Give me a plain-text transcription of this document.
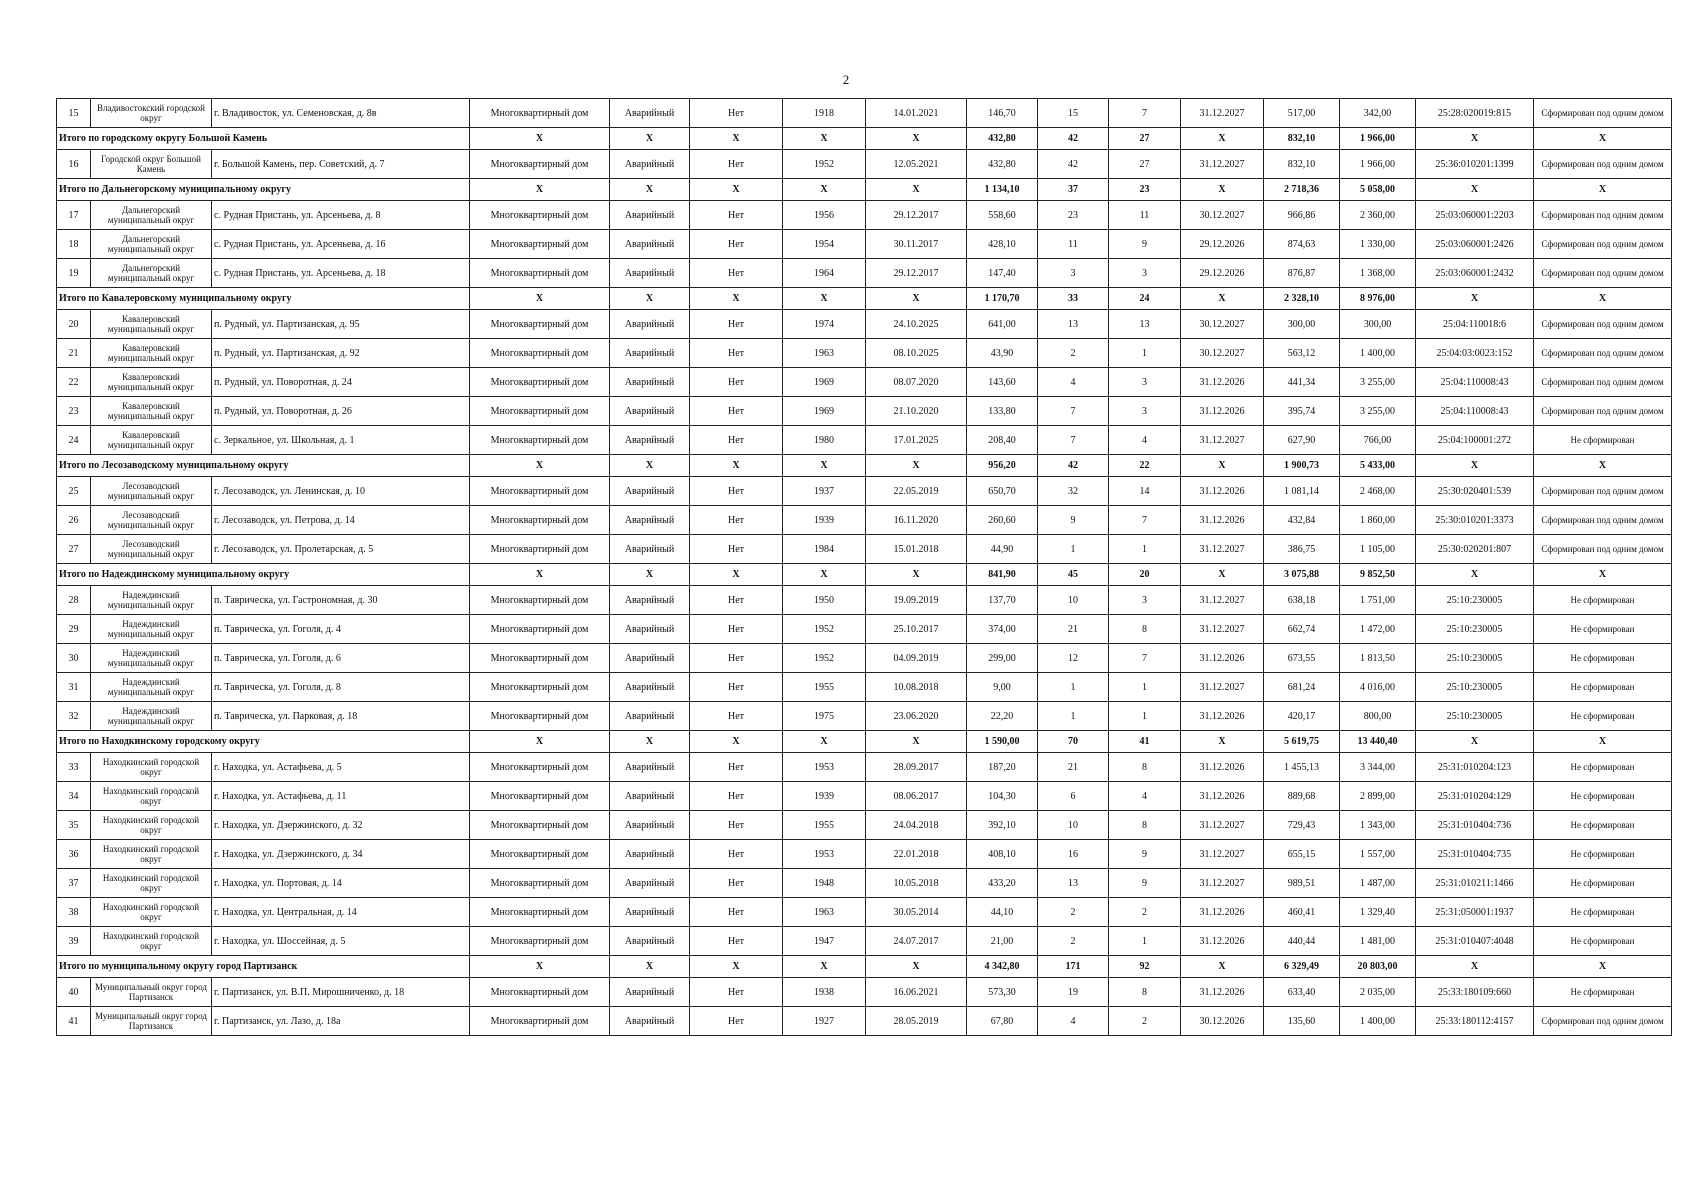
2
15	Владивостокский городской округ	г. Владивосток, ул. Семеновская, д. 8в	Многоквартирный дом	Аварийный	Нет	1918	14.01.2021	146,70	15	7	31.12.2027	517,00	342,00	25:28:020019:815	Сформирован под одним домом
Итого по городскому округу Большой Камень			X	X	X	X	X	432,80	42	27	X	832,10	1 966,00	X	X
16	Городской округ Большой Камень	г. Большой Камень, пер. Советский, д. 7	Многоквартирный дом	Аварийный	Нет	1952	12.05.2021	432,80	42	27	31.12.2027	832,10	1 966,00	25:36:010201:1399	Сформирован под одним домом
Итого по Дальнегорскому муниципальному округу			X	X	X	X	X	1 134,10	37	23	X	2 718,36	5 058,00	X	X
17	Дальнегорский муниципальный округ	с. Рудная Пристань, ул. Арсеньева, д. 8	Многоквартирный дом	Аварийный	Нет	1956	29.12.2017	558,60	23	11	30.12.2027	966,86	2 360,00	25:03:060001:2203	Сформирован под одним домом
18	Дальнегорский муниципальный округ	с. Рудная Пристань, ул. Арсеньева, д. 16	Многоквартирный дом	Аварийный	Нет	1954	30.11.2017	428,10	11	9	29.12.2026	874,63	1 330,00	25:03:060001:2426	Сформирован под одним домом
19	Дальнегорский муниципальный округ	с. Рудная Пристань, ул. Арсеньева, д. 18	Многоквартирный дом	Аварийный	Нет	1964	29.12.2017	147,40	3	3	29.12.2026	876,87	1 368,00	25:03:060001:2432	Сформирован под одним домом
Итого по Кавалеровскому муниципальному округу			X	X	X	X	X	1 170,70	33	24	X	2 328,10	8 976,00	X	X
20	Кавалеровский муниципальный округ	п. Рудный, ул. Партизанская, д. 95	Многоквартирный дом	Аварийный	Нет	1974	24.10.2025	641,00	13	13	30.12.2027	300,00	300,00	25:04:110018:6	Сформирован под одним домом
21	Кавалеровский муниципальный округ	п. Рудный, ул. Партизанская, д. 92	Многоквартирный дом	Аварийный	Нет	1963	08.10.2025	43,90	2	1	30.12.2027	563,12	1 400,00	25:04:03:0023:152	Сформирован под одним домом
22	Кавалеровский муниципальный округ	п. Рудный, ул. Поворотная, д. 24	Многоквартирный дом	Аварийный	Нет	1969	08.07.2020	143,60	4	3	31.12.2026	441,34	3 255,00	25:04:110008:43	Сформирован под одним домом
23	Кавалеровский муниципальный округ	п. Рудный, ул. Поворотная, д. 26	Многоквартирный дом	Аварийный	Нет	1969	21.10.2020	133,80	7	3	31.12.2026	395,74	3 255,00	25:04:110008:43	Сформирован под одним домом
24	Кавалеровский муниципальный округ	с. Зеркальное, ул. Школьная, д. 1	Многоквартирный дом	Аварийный	Нет	1980	17.01.2025	208,40	7	4	31.12.2027	627,90	766,00	25:04:100001:272	Не сформирован
Итого по Лесозаводскому муниципальному округу			X	X	X	X	X	956,20	42	22	X	1 900,73	5 433,00	X	X
25	Лесозаводский муниципальный округ	г. Лесозаводск, ул. Ленинская, д. 10	Многоквартирный дом	Аварийный	Нет	1937	22.05.2019	650,70	32	14	31.12.2026	1 081,14	2 468,00	25:30:020401:539	Сформирован под одним домом
26	Лесозаводский муниципальный округ	г. Лесозаводск, ул. Петрова, д. 14	Многоквартирный дом	Аварийный	Нет	1939	16.11.2020	260,60	9	7	31.12.2026	432,84	1 860,00	25:30:010201:3373	Сформирован под одним домом
27	Лесозаводский муниципальный округ	г. Лесозаводск, ул. Пролетарская, д. 5	Многоквартирный дом	Аварийный	Нет	1984	15.01.2018	44,90	1	1	31.12.2027	386,75	1 105,00	25:30:020201:807	Сформирован под одним домом
Итого по Надеждинскому муниципальному округу			X	X	X	X	X	841,90	45	20	X	3 075,88	9 852,50	X	X
28	Надеждинский муниципальный округ	п. Таврическа, ул. Гастрономная, д. 30	Многоквартирный дом	Аварийный	Нет	1950	19.09.2019	137,70	10	3	31.12.2027	638,18	1 751,00	25:10:230005	Не сформирован
29	Надеждинский муниципальный округ	п. Таврическа, ул. Гоголя, д. 4	Многоквартирный дом	Аварийный	Нет	1952	25.10.2017	374,00	21	8	31.12.2027	662,74	1 472,00	25:10:230005	Не сформирован
30	Надеждинский муниципальный округ	п. Таврическа, ул. Гоголя, д. 6	Многоквартирный дом	Аварийный	Нет	1952	04.09.2019	299,00	12	7	31.12.2026	673,55	1 813,50	25:10:230005	Не сформирован
31	Надеждинский муниципальный округ	п. Таврическа, ул. Гоголя, д. 8	Многоквартирный дом	Аварийный	Нет	1955	10.08.2018	9,00	1	1	31.12.2027	681,24	4 016,00	25:10:230005	Не сформирован
32	Надеждинский муниципальный округ	п. Таврическа, ул. Парковая, д. 18	Многоквартирный дом	Аварийный	Нет	1975	23.06.2020	22,20	1	1	31.12.2026	420,17	800,00	25:10:230005	Не сформирован
Итого по Находкинскому городскому округу			X	X	X	X	X	1 590,00	70	41	X	5 619,75	13 440,40	X	X
33	Находкинский городской округ	г. Находка, ул. Астафьева, д. 5	Многоквартирный дом	Аварийный	Нет	1953	28.09.2017	187,20	21	8	31.12.2026	1 455,13	3 344,00	25:31:010204:123	Не сформирован
34	Находкинский городской округ	г. Находка, ул. Астафьева, д. 11	Многоквартирный дом	Аварийный	Нет	1939	08.06.2017	104,30	6	4	31.12.2026	889,68	2 899,00	25:31:010204:129	Не сформирован
35	Находкинский городской округ	г. Находка, ул. Дзержинского, д. 32	Многоквартирный дом	Аварийный	Нет	1955	24.04.2018	392,10	10	8	31.12.2027	729,43	1 343,00	25:31:010404:736	Не сформирован
36	Находкинский городской округ	г. Находка, ул. Дзержинского, д. 34	Многоквартирный дом	Аварийный	Нет	1953	22.01.2018	408,10	16	9	31.12.2027	655,15	1 557,00	25:31:010404:735	Не сформирован
37	Находкинский городской округ	г. Находка, ул. Портовая, д. 14	Многоквартирный дом	Аварийный	Нет	1948	10.05.2018	433,20	13	9	31.12.2027	989,51	1 487,00	25:31:010211:1466	Не сформирован
38	Находкинский городской округ	г. Находка, ул. Центральная, д. 14	Многоквартирный дом	Аварийный	Нет	1963	30.05.2014	44,10	2	2	31.12.2026	460,41	1 329,40	25:31:050001:1937	Не сформирован
39	Находкинский городской округ	г. Находка, ул. Шоссейная, д. 5	Многоквартирный дом	Аварийный	Нет	1947	24.07.2017	21,00	2	1	31.12.2026	440,44	1 481,00	25:31:010407:4048	Не сформирован
Итого по муниципальному округу город Партизанск			X	X	X	X	X	4 342,80	171	92	X	6 329,49	20 803,00	X	X
40	Муниципальный округ город Партизанск	г. Партизанск, ул. В.П. Мирошниченко, д. 18	Многоквартирный дом	Аварийный	Нет	1938	16.06.2021	573,30	19	8	31.12.2026	633,40	2 035,00	25:33:180109:660	Не сформирован
41	Муниципальный округ город Партизанск	г. Партизанск, ул. Лазо, д. 18а	Многоквартирный дом	Аварийный	Нет	1927	28.05.2019	67,80	4	2	30.12.2026	135,60	1 400,00	25:33:180112:4157	Сформирован под одним домом
